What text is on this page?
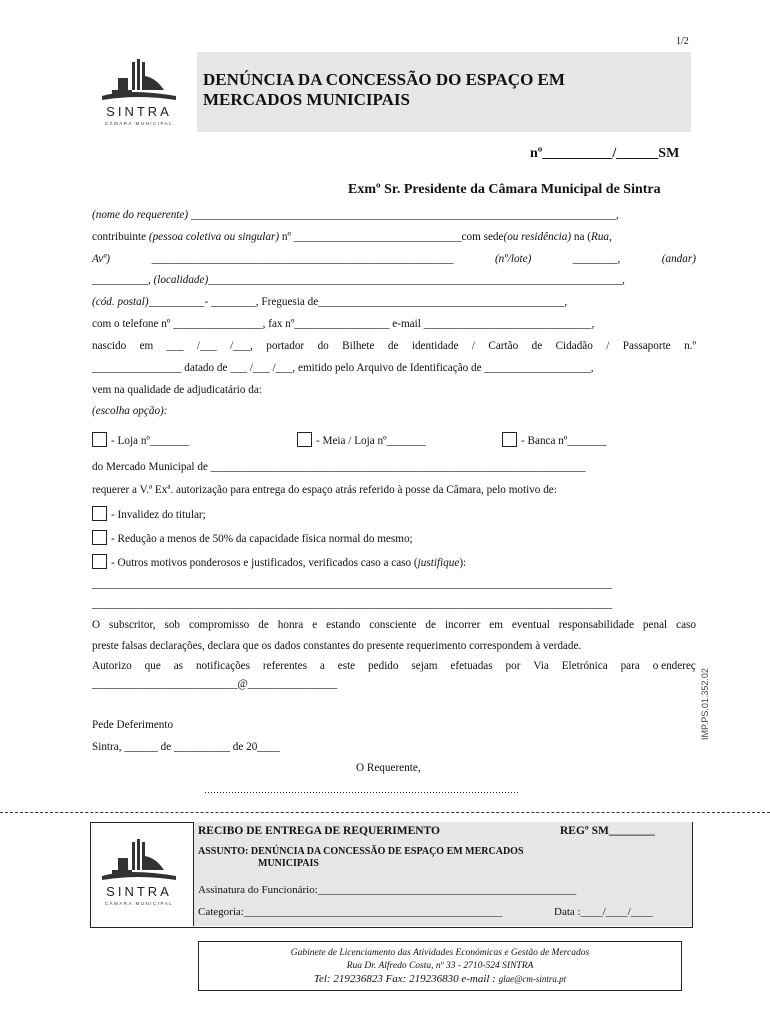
1/2
SINTRA
CÂMARA MUNICIPAL
DENÚNCIA DA CONCESSÃO DO ESPAÇO EM
MERCADOS MUNICIPAIS
nº__________/______SM
Exmº Sr. Presidente da Câmara Municipal de Sintra
(nome do requerente) ____________________________________________________________________________,
contribuinte (pessoa coletiva ou singular) nº ______________________________com sede(ou residência) na (Rua,
Avª)	______________________________________________________	(nº/lote)	________,	(andar)
__________, (localidade)__________________________________________________________________________,
(cód. postal)__________- ________, Freguesia de____________________________________________,
com o telefone nº ________________, fax nº_________________ e-mail ______________________________,
nascido em ___ /___ /___, portador do Bilhete de identidade / Cartão de Cidadão / Passaporte n.º
________________ datado de ___ /___ /___, emitido pelo Arquivo de Identificação de ___________________,
vem na qualidade de adjudicatário da:
(escolha opção):
- Loja nº_______	- Meia / Loja nº_______	- Banca nº_______
do Mercado Municipal de ___________________________________________________________________
requerer a V.ª Exª. autorização para entrega do espaço atrás referido à posse da Câmara, pelo motivo de:
- Invalidez do titular;
- Redução a menos de 50% da capacidade física normal do mesmo;
- Outros motivos ponderosos e justificados, verificados caso a caso (justifique):
_____________________________________________________________________________________________
_____________________________________________________________________________________________
O subscritor, sob compromisso de honra e estando consciente de incorrer em eventual responsabilidade penal caso
preste falsas declarações, declara que os dados constantes do presente requerimento correspondem à verdade.
Autorizo que as notificações referentes a este pedido sejam efetuadas por Via Eletrónica para o endereç
__________________________@________________
Pede Deferimento
Sintra, ______ de __________ de 20____
O Requerente,
……………………………………………………………………………………………
IMP.PS.01.352.02
SINTRA
CÂMARA MUNICIPAL
RECIBO DE ENTREGA DE REQUERIMENTO	REGº SM________
ASSUNTO: DENÚNCIA DA CONCESSÃO DE ESPAÇO EM MERCADOS
MUNICIPAIS
Assinatura do Funcionário:_______________________________________________
Categoria:_______________________________________________	Data :____/____/____
Gabinete de Licenciamento das Atividades Económicas e Gestão de Mercados
Rua Dr. Alfredo Costa, nº 33 - 2710-524 SINTRA
Tel: 219236823 Fax: 219236830 e-mail : glae@cm-sintra.pt
